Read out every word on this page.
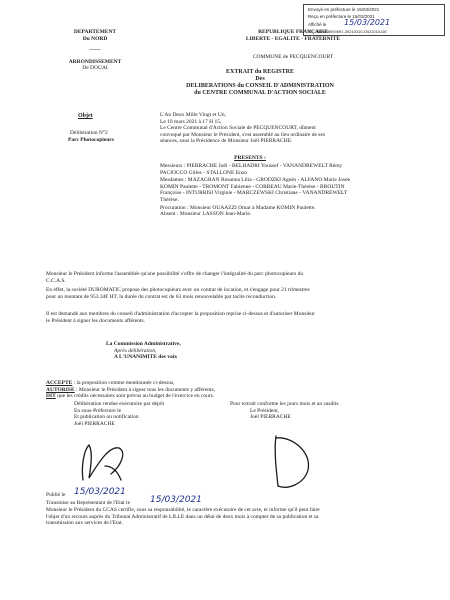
Envoyé en préfecture le 15/03/2021
Reçu en préfecture le 15/03/2021
Affiché le 15/03/2021
ID : 059-265900597-20210310-D021010-DE
DEPARTEMENT
Du NORD
——
ARRONDISSEMENT
De DOUAI
REPUBLIQUE FRANÇAISE
LIBERTE - EGALITE - FRATERNITE
COMMUNE de PECQUENCOURT
EXTRAIT du REGISTRE
Des
DELIBERATIONS du CONSEIL D'ADMINISTRATION
du CENTRE COMMUNAL D'ACTION SOCIALE
Objet
Délibération N°2
Parc Photocopieurs
L'An Deux Mille Vingt et Un,
Le 10 mars 2021 à 17 H 15,
Le Centre Communal d'Action Sociale de PECQUENCOURT, dûment
convoqué par Monsieur le Président, s'est assemblé au lieu ordinaire de ses
séances, sous la Présidence de Monsieur Joël PIERRACHE.
PRESENTS :
Messieurs : PIERRACHE Joël - BELHADRI Youssef - VANANDREWELT Rémy
PACIOCCO Gilles - STALLONE Enzo
Mesdames : MAZAGRAN Rosanna Lilia - GRODZKI Agnès - ALFANO Marie Josée
KOMIN Paulette - TROMONT Fabienne - CORREAU Marie-Thérèse - BROUTIN
Françoise - INTURRISI Virginie - MARCZEWSKI Christiane - VANANDREWELT
Thérèse.
Procuration : Monsieur OUAAZZI Omar à Madame KOMIN Paulette.
Absent : Monsieur LASSON Jean-Marie.
Monsieur le Président informe l'assemblée qu'une possibilité s'offre de changer l'intégralité du parc photocopieurs du
C.C.A.S.
En effet, la société DUROMATIC propose des photocopieurs avec un contrat de location, et s'engage pour 21 trimestres
pour un montant de 953.34€ HT. la durée du contrat est de 63 mois renouvelable par tacite reconduction.
Il est demandé aux membres du conseil d'administration d'accepter la proposition reprise ci-dessus et d'autoriser Monsieur
le Président à signer les documents afférents.
La Commission Administrative,
Après délibération,
A L'UNANIMITE des voix
ACCEPTE : la proposition comme mentionnée ci-dessus,
AUTORISE : Monsieur le Président à signer tous les documents y afférents,
DIT que les crédits nécessaires sont prévus au budget de l'exercice en cours.
Délibération rendue exécutoire par dépôt
En sous-Préfecture le
Et publication ou notification
Joël PIERRACHE
Pour extrait conforme les jours mois et an susdits
Le Président,
Joël PIERRACHE
Publié le 15/03/2021
Transmise au Représentant de l'Etat le 15/03/2021
Monsieur le Président du CCAS certifie, sous sa responsabilité, le caractère exécutoire de cet acte, et informe qu'il peut faire
l'objet d'un recours auprès du Tribunal Administratif de LILLE dans un délai de deux mois à compter de sa publication et sa
transmission aux services de l'Etat.
